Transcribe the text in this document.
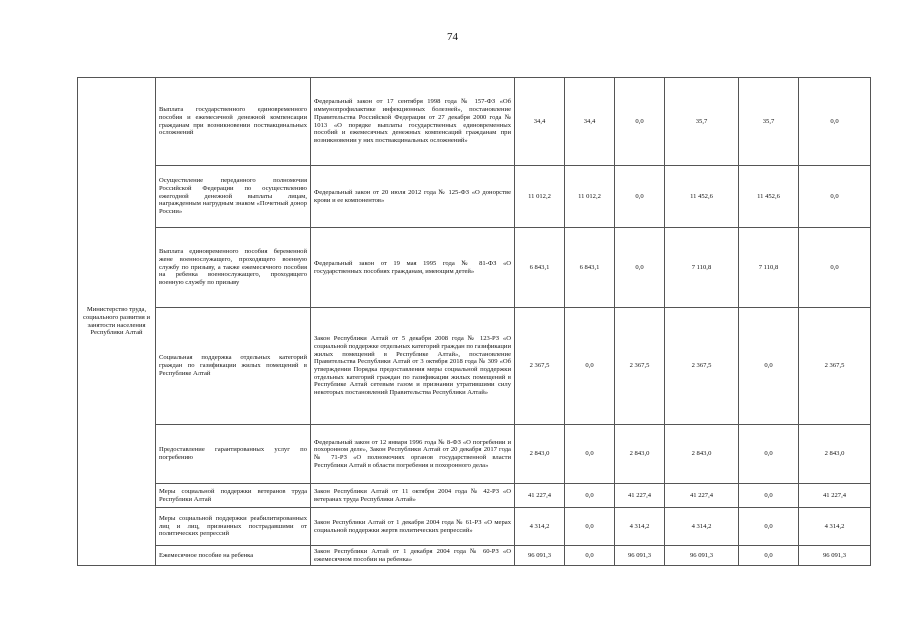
74
Министерство труда, социального развития и занятости населения Республики Алтай	Выплата государственного единовременного пособия и ежемесячной денежной компенсации гражданам при возникновении поствакцинальных осложнений	Федеральный закон от 17 сентября 1998 года № 157-ФЗ «Об иммунопрофилактике инфекционных болезней», постановление Правительства Российской Федерации от 27 декабря 2000 года № 1013 «О порядке выплаты государственных единовременных пособий и ежемесячных денежных компенсаций гражданам при возникновении у них поствакцинальных осложнений»	34,4	34,4	0,0	35,7	35,7	0,0
	Осуществление переданного полномочия Российской Федерации по осуществлению ежегодной денежной выплаты лицам, награжденным нагрудным знаком «Почетный донор России»	Федеральный закон от 20 июля 2012 года № 125-ФЗ «О донорстве крови и ее компонентов»	11 012,2	11 012,2	0,0	11 452,6	11 452,6	0,0
	Выплата единовременного пособия беременной жене военнослужащего, проходящего военную службу по призыву, а также ежемесячного пособия на ребенка военнослужащего, проходящего военную службу по призыву	Федеральный закон от 19 мая 1995 года № 81-ФЗ «О государственных пособиях гражданам, имеющим детей»	6 843,1	6 843,1	0,0	7 110,8	7 110,8	0,0
	Социальная поддержка отдельных категорий граждан по газификации жилых помещений в Республике Алтай	Закон Республики Алтай от 5 декабря 2008 года № 123-РЗ «О социальной поддержке отдельных категорий граждан по газификации жилых помещений в Республике Алтай», постановление Правительства Республики Алтай от 3 октября 2018 года № 309 «Об утверждении Порядка предоставления меры социальной поддержки отдельных категорий граждан по газификации жилых помещений в Республике Алтай сетевым газом и признании утратившими силу некоторых постановлений Правительства Республики Алтай»	2 367,5	0,0	2 367,5	2 367,5	0,0	2 367,5
	Предоставление гарантированных услуг по погребению	Федеральный закон от 12 января 1996 года № 8-ФЗ «О погребении и похоронном деле», Закон Республики Алтай от 20 декабря 2017 года № 71-РЗ «О полномочиях органов государственной власти Республики Алтай в области погребения и похоронного дела»	2 843,0	0,0	2 843,0	2 843,0	0,0	2 843,0
	Меры социальной поддержки ветеранов труда Республики Алтай	Закон Республики Алтай от 11 октября 2004 года № 42-РЗ «О ветеранах труда Республики Алтай»	41 227,4	0,0	41 227,4	41 227,4	0,0	41 227,4
	Меры социальной поддержки реабилитированных лиц и лиц, признанных пострадавшими от политических репрессий	Закон Республики Алтай от 1 декабря 2004 года № 61-РЗ «О мерах социальной поддержки жертв политических репрессий»	4 314,2	0,0	4 314,2	4 314,2	0,0	4 314,2
	Ежемесячное пособие на ребенка	Закон Республики Алтай от 1 декабря 2004 года № 60-РЗ «О ежемесячном пособии на ребенка»	96 091,3	0,0	96 091,3	96 091,3	0,0	96 091,3
